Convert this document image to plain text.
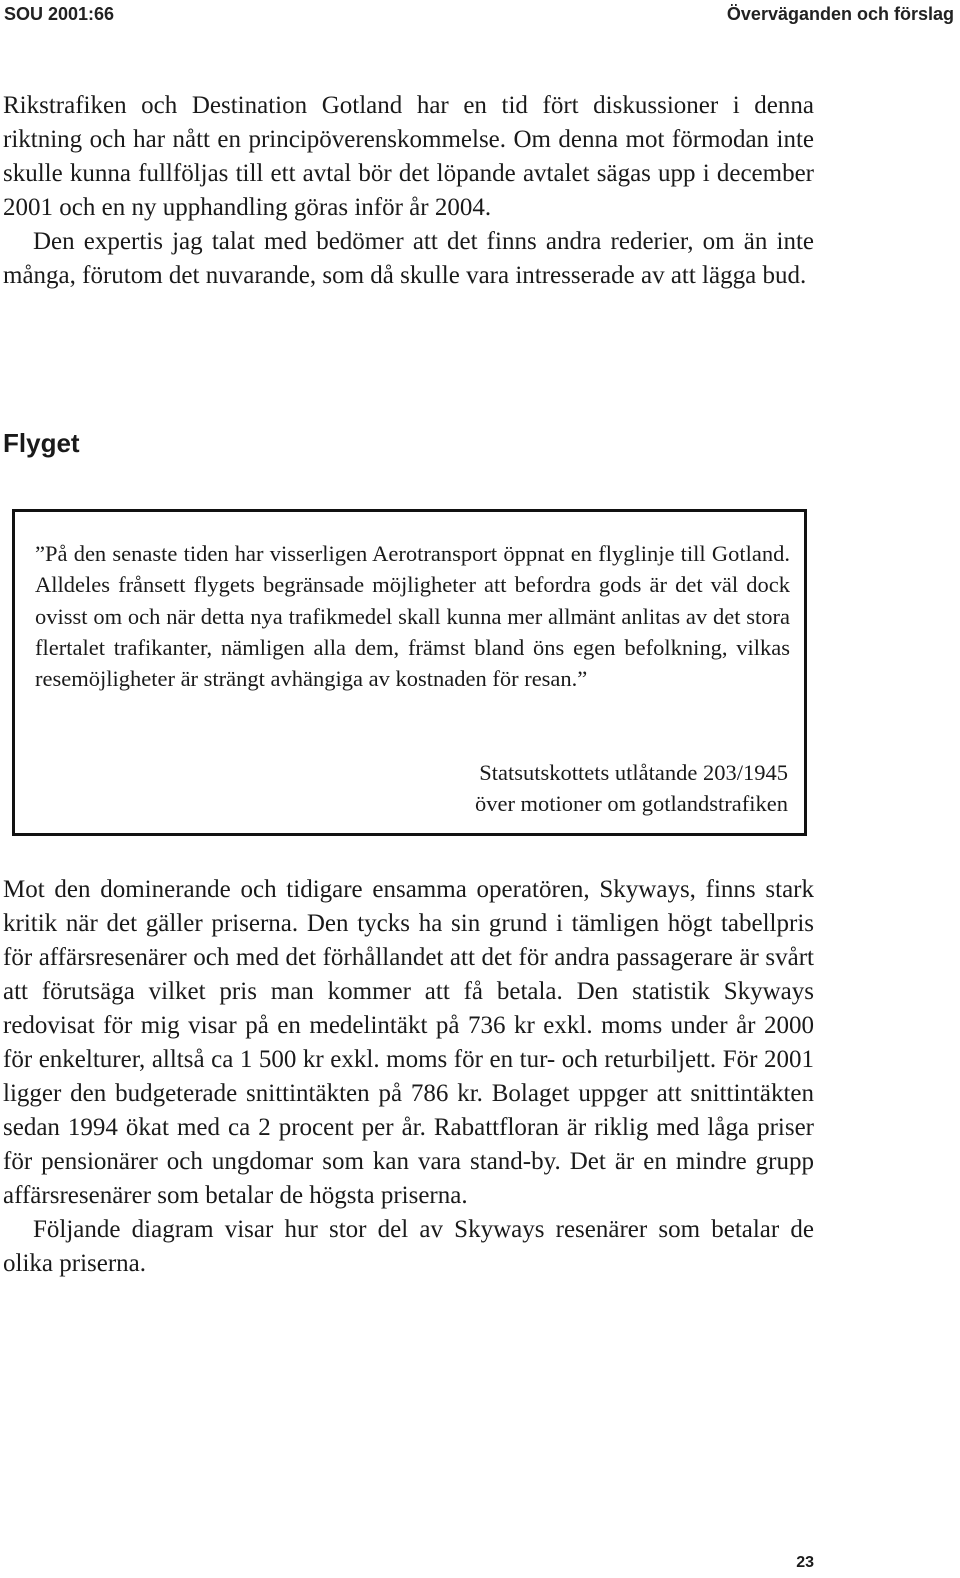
SOU 2001:66	Överväganden och förslag

Rikstrafiken och Destination Gotland har en tid fört diskussioner i denna riktning och har nått en principöverenskommelse. Om denna mot förmodan inte skulle kunna fullföljas till ett avtal bör det löpande avtalet sägas upp i december 2001 och en ny upphandling göras inför år 2004.

Den expertis jag talat med bedömer att det finns andra rederier, om än inte många, förutom det nuvarande, som då skulle vara intresserade av att lägga bud.

Flyget

”På den senaste tiden har visserligen Aerotransport öppnat en flyglinje till Gotland. Alldeles frånsett flygets begränsade möjligheter att befordra gods är det väl dock ovisst om och när detta nya trafikmedel skall kunna mer allmänt anlitas av det stora flertalet trafikanter, nämligen alla dem, främst bland öns egen befolkning, vilkas resemöjligheter är strängt avhängiga av kostnaden för resan.”

Statsutskottets utlåtande 203/1945
över motioner om gotlandstrafiken

Mot den dominerande och tidigare ensamma operatören, Skyways, finns stark kritik när det gäller priserna. Den tycks ha sin grund i tämligen högt tabellpris för affärsresenärer och med det förhållandet att det för andra passagerare är svårt att förutsäga vilket pris man kommer att få betala. Den statistik Skyways redovisat för mig visar på en medelintäkt på 736 kr exkl. moms under år 2000 för enkelturer, alltså ca 1 500 kr exkl. moms för en tur- och returbiljett. För 2001 ligger den budgeterade snittintäkten på 786 kr. Bolaget uppger att snittintäkten sedan 1994 ökat med ca 2 procent per år. Rabattfloran är riklig med låga priser för pensionärer och ungdomar som kan vara stand-by. Det är en mindre grupp affärsresenärer som betalar de högsta priserna.

Följande diagram visar hur stor del av Skyways resenärer som betalar de olika priserna.

23
